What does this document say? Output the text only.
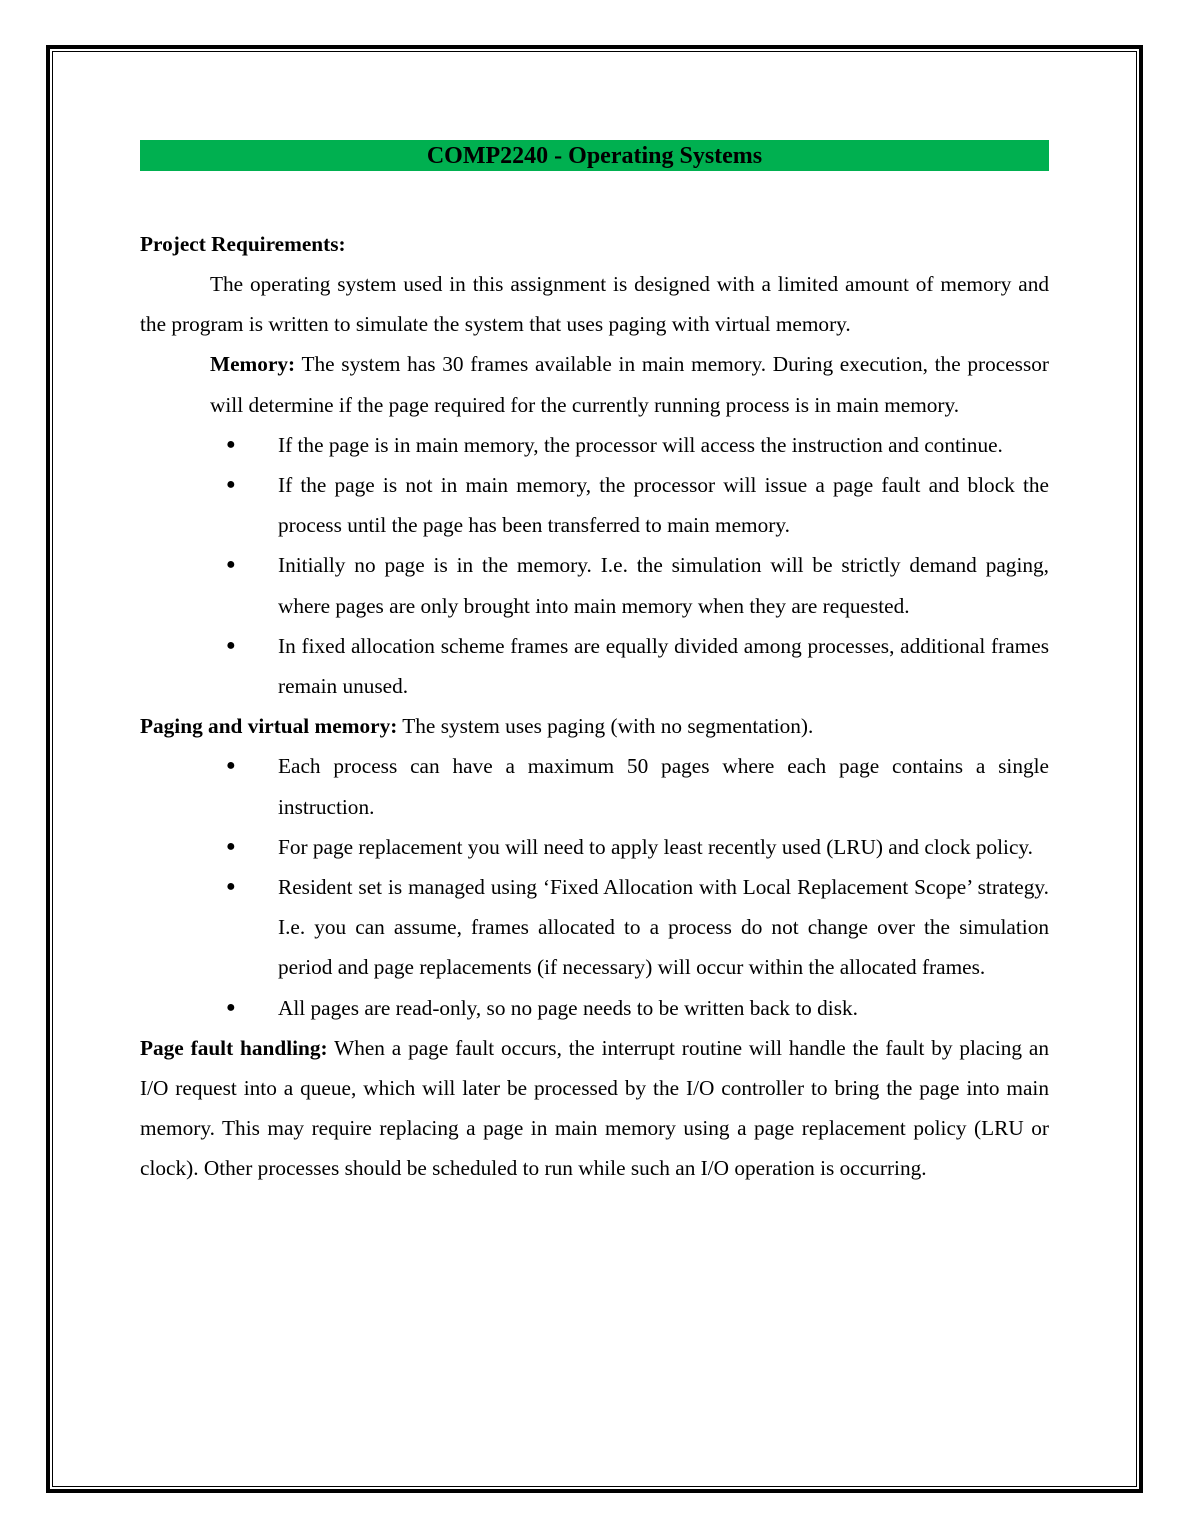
COMP2240 - Operating Systems

Project Requirements:

The operating system used in this assignment is designed with a limited amount of memory and the program is written to simulate the system that uses paging with virtual memory.

Memory: The system has 30 frames available in main memory. During execution, the processor will determine if the page required for the currently running process is in main memory.

● If the page is in main memory, the processor will access the instruction and continue.
● If the page is not in main memory, the processor will issue a page fault and block the process until the page has been transferred to main memory.
● Initially no page is in the memory. I.e. the simulation will be strictly demand paging, where pages are only brought into main memory when they are requested.
● In fixed allocation scheme frames are equally divided among processes, additional frames remain unused.

Paging and virtual memory: The system uses paging (with no segmentation).

● Each process can have a maximum 50 pages where each page contains a single instruction.
● For page replacement you will need to apply least recently used (LRU) and clock policy.
● Resident set is managed using ‘Fixed Allocation with Local Replacement Scope’ strategy. I.e. you can assume, frames allocated to a process do not change over the simulation period and page replacements (if necessary) will occur within the allocated frames.
● All pages are read-only, so no page needs to be written back to disk.

Page fault handling: When a page fault occurs, the interrupt routine will handle the fault by placing an I/O request into a queue, which will later be processed by the I/O controller to bring the page into main memory. This may require replacing a page in main memory using a page replacement policy (LRU or clock). Other processes should be scheduled to run while such an I/O operation is occurring.
